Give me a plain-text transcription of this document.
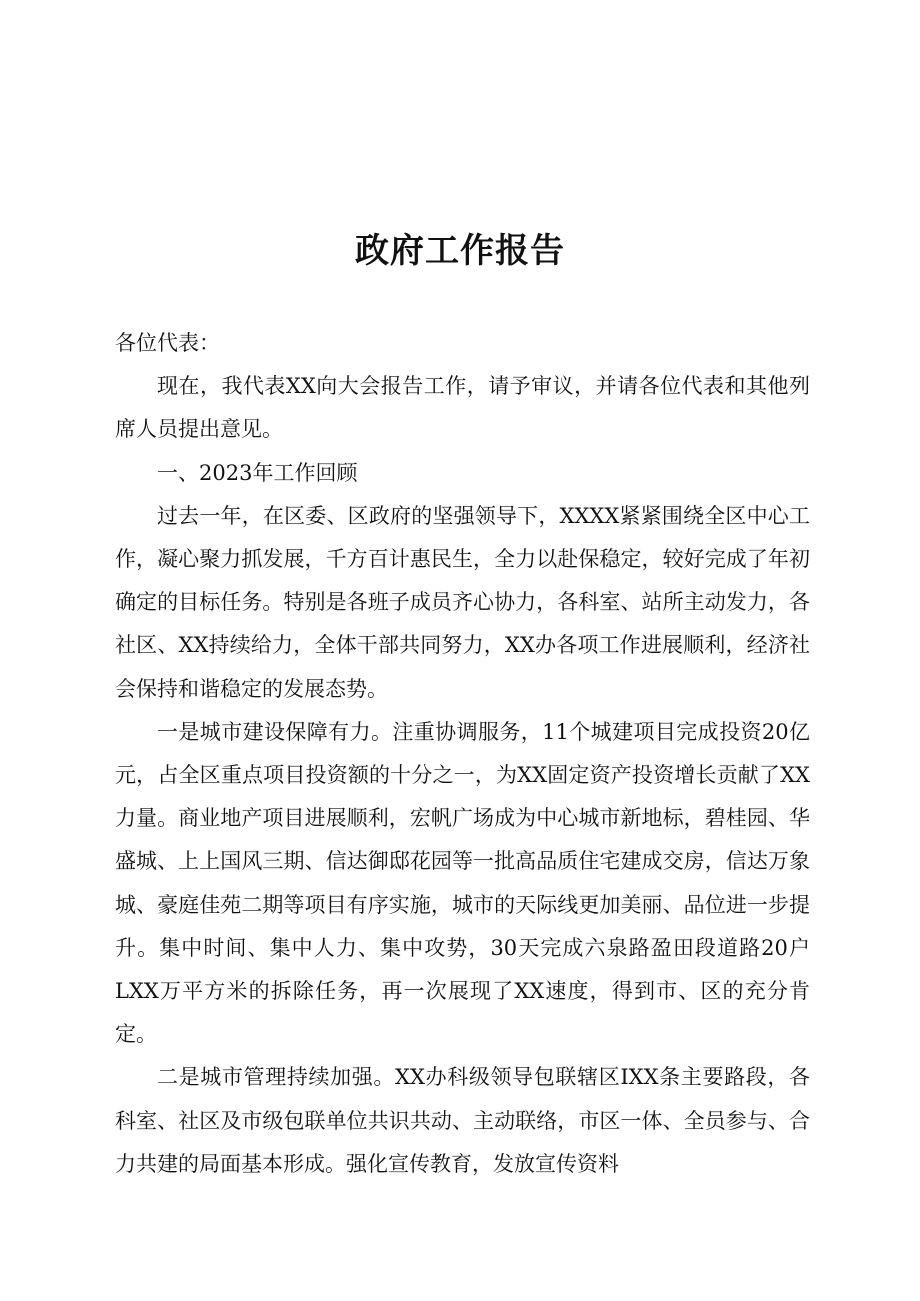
政府工作报告

各位代表：

现在，我代表XX向大会报告工作，请予审议，并请各位代表和其他列席人员提出意见。

一、2023年工作回顾

过去一年，在区委、区政府的坚强领导下，XXXX紧紧围绕全区中心工作，凝心聚力抓发展，千方百计惠民生，全力以赴保稳定，较好完成了年初确定的目标任务。特别是各班子成员齐心协力，各科室、站所主动发力，各社区、XX持续给力，全体干部共同努力，XX办各项工作进展顺利，经济社会保持和谐稳定的发展态势。

一是城市建设保障有力。注重协调服务，11个城建项目完成投资20亿元，占全区重点项目投资额的十分之一，为XX固定资产投资增长贡献了XX力量。商业地产项目进展顺利，宏帆广场成为中心城市新地标，碧桂园、华盛城、上上国风三期、信达御邸花园等一批高品质住宅建成交房，信达万象城、豪庭佳苑二期等项目有序实施，城市的天际线更加美丽、品位进一步提升。集中时间、集中人力、集中攻势，30天完成六泉路盈田段道路20户LXX万平方米的拆除任务，再一次展现了XX速度，得到市、区的充分肯定。

二是城市管理持续加强。XX办科级领导包联辖区IXX条主要路段，各科室、社区及市级包联单位共识共动、主动联络，市区一体、全员参与、合力共建的局面基本形成。强化宣传教育，发放宣传资料
